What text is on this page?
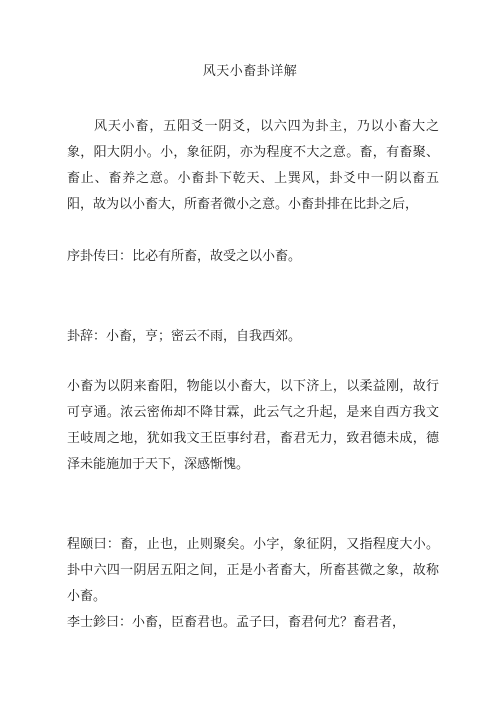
风天小畜卦详解

风天小畜，五阳爻一阴爻，以六四为卦主，乃以小畜大之象，阳大阴小。小，象征阴，亦为程度不大之意。畜，有畜聚、畜止、畜养之意。小畜卦下乾天、上巽风，卦爻中一阴以畜五阳，故为以小畜大，所畜者微小之意。小畜卦排在比卦之后，

序卦传曰：比必有所畜，故受之以小畜。

卦辞：小畜，亨；密云不雨，自我西郊。

小畜为以阴来畜阳，物能以小畜大，以下济上，以柔益刚，故行可亨通。浓云密佈却不降甘霖，此云气之升起，是来自西方我文王岐周之地，犹如我文王臣事纣君，畜君无力，致君德未成，德泽未能施加于天下，深感惭愧。

程颐曰：畜，止也，止则聚矣。小字，象征阴，又指程度大小。卦中六四一阴居五阳之间，正是小者畜大，所畜甚微之象，故称小畜。

李士鉁曰：小畜，臣畜君也。孟子曰，畜君何尤？畜君者，
